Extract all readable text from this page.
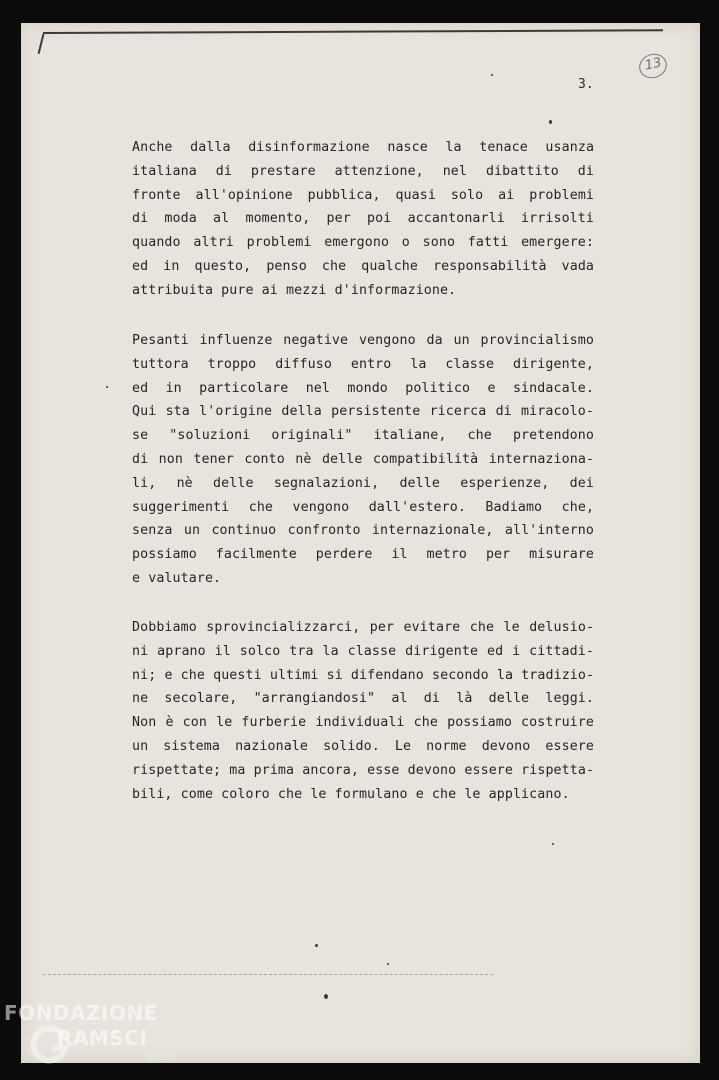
13
3.
Anche dalla disinformazione nasce la tenace usanza
italiana di prestare attenzione, nel dibattito di
fronte all'opinione pubblica, quasi solo ai problemi
di moda al momento, per poi accantonarli irrisolti
quando altri problemi emergono o sono fatti emergere:
ed in questo, penso che qualche responsabilità vada
attribuita pure ai mezzi d'informazione.
Pesanti influenze negative vengono da un provincialismo
tuttora troppo diffuso entro la classe dirigente,
ed in particolare nel mondo politico e sindacale.
Qui sta l'origine della persistente ricerca di miracolo-
se "soluzioni originali" italiane, che pretendono
di non tener conto nè delle compatibilità internaziona-
li, nè delle segnalazioni, delle esperienze, dei
suggerimenti che vengono dall'estero. Badiamo che,
senza un continuo confronto internazionale, all'interno
possiamo facilmente perdere il metro per misurare
e valutare.
Dobbiamo sprovincializzarci, per evitare che le delusio-
ni aprano il solco tra la classe dirigente ed i cittadi-
ni; e che questi ultimi si difendano secondo la tradizio-
ne secolare, "arrangiandosi" al di là delle leggi.
Non è con le furberie individuali che possiamo costruire
un sistema nazionale solido. Le norme devono essere
rispettate; ma prima ancora, esse devono essere rispetta-
bili, come coloro che le formulano e che le applicano.
FONDAZIONE
RAMSCI
onlus
